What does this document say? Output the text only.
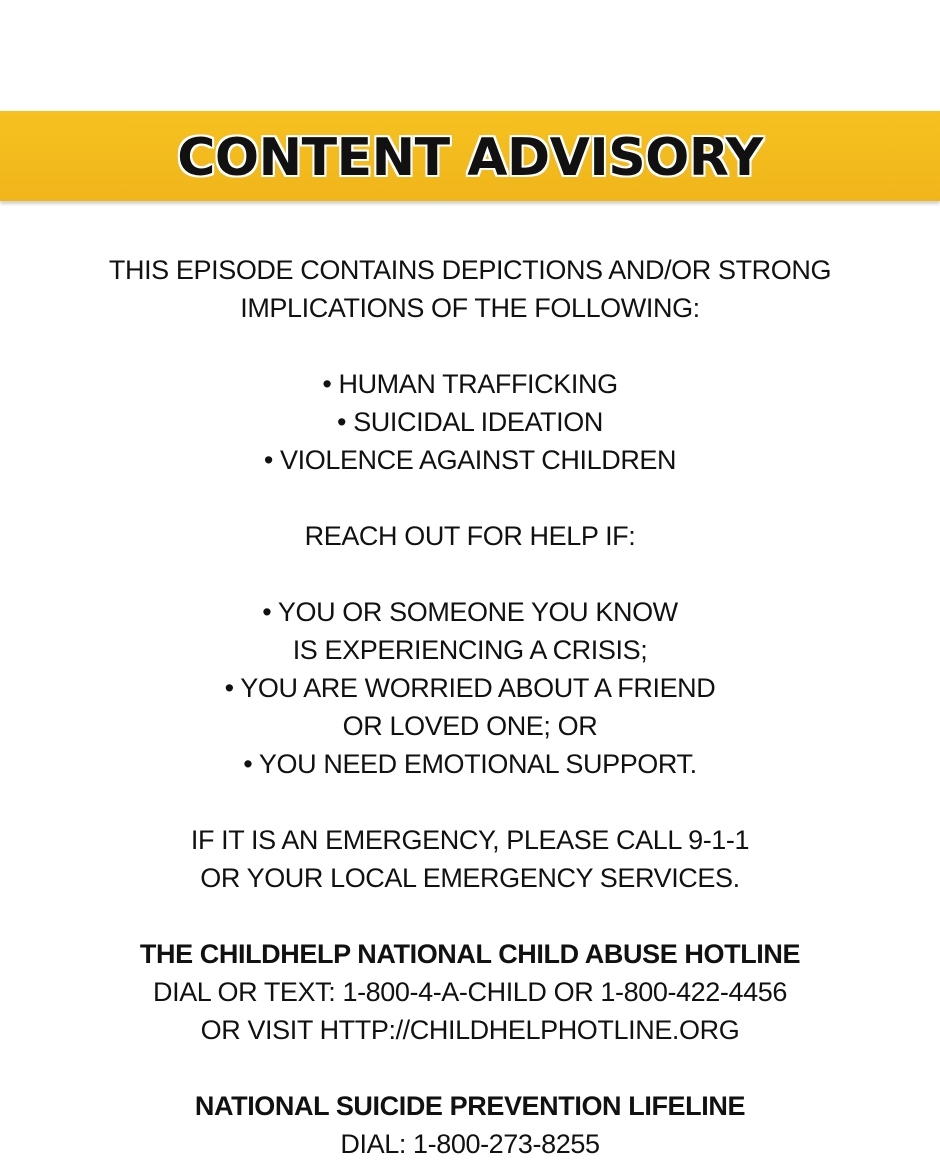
CONTENT ADVISORY
THIS EPISODE CONTAINS DEPICTIONS AND/OR STRONG
IMPLICATIONS OF THE FOLLOWING:
• HUMAN TRAFFICKING
• SUICIDAL IDEATION
• VIOLENCE AGAINST CHILDREN
REACH OUT FOR HELP IF:
• YOU OR SOMEONE YOU KNOW
IS EXPERIENCING A CRISIS;
• YOU ARE WORRIED ABOUT A FRIEND
OR LOVED ONE; OR
• YOU NEED EMOTIONAL SUPPORT.
IF IT IS AN EMERGENCY, PLEASE CALL 9-1-1
OR YOUR LOCAL EMERGENCY SERVICES.
THE CHILDHELP NATIONAL CHILD ABUSE HOTLINE
DIAL OR TEXT: 1-800-4-A-CHILD OR 1-800-422-4456
OR VISIT HTTP://CHILDHELPHOTLINE.ORG
NATIONAL SUICIDE PREVENTION LIFELINE
DIAL: 1-800-273-8255
